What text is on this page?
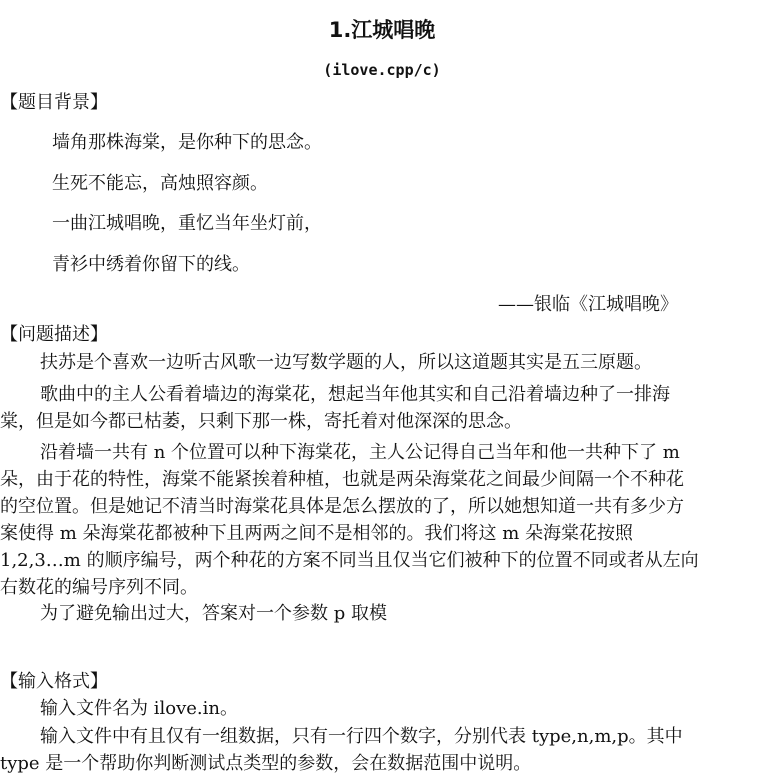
1.江城唱晚
(ilove.cpp/c)
【题目背景】
墙角那株海棠，是你种下的思念。
生死不能忘，高烛照容颜。
一曲江城唱晚，重忆当年坐灯前，
青衫中绣着你留下的线。
——银临《江城唱晚》
【问题描述】
扶苏是个喜欢一边听古风歌一边写数学题的人，所以这道题其实是五三原题。
歌曲中的主人公看着墙边的海棠花，想起当年他其实和自己沿着墙边种了一排海
棠，但是如今都已枯萎，只剩下那一株，寄托着对他深深的思念。
沿着墙一共有 n 个位置可以种下海棠花，主人公记得自己当年和他一共种下了 m
朵，由于花的特性，海棠不能紧挨着种植，也就是两朵海棠花之间最少间隔一个不种花
的空位置。但是她记不清当时海棠花具体是怎么摆放的了，所以她想知道一共有多少方
案使得 m 朵海棠花都被种下且两两之间不是相邻的。我们将这 m 朵海棠花按照
1,2,3…m 的顺序编号，两个种花的方案不同当且仅当它们被种下的位置不同或者从左向
右数花的编号序列不同。
为了避免输出过大，答案对一个参数 p 取模
【输入格式】
输入文件名为 ilove.in。
输入文件中有且仅有一组数据，只有一行四个数字，分别代表 type,n,m,p。其中
type 是一个帮助你判断测试点类型的参数，会在数据范围中说明。
